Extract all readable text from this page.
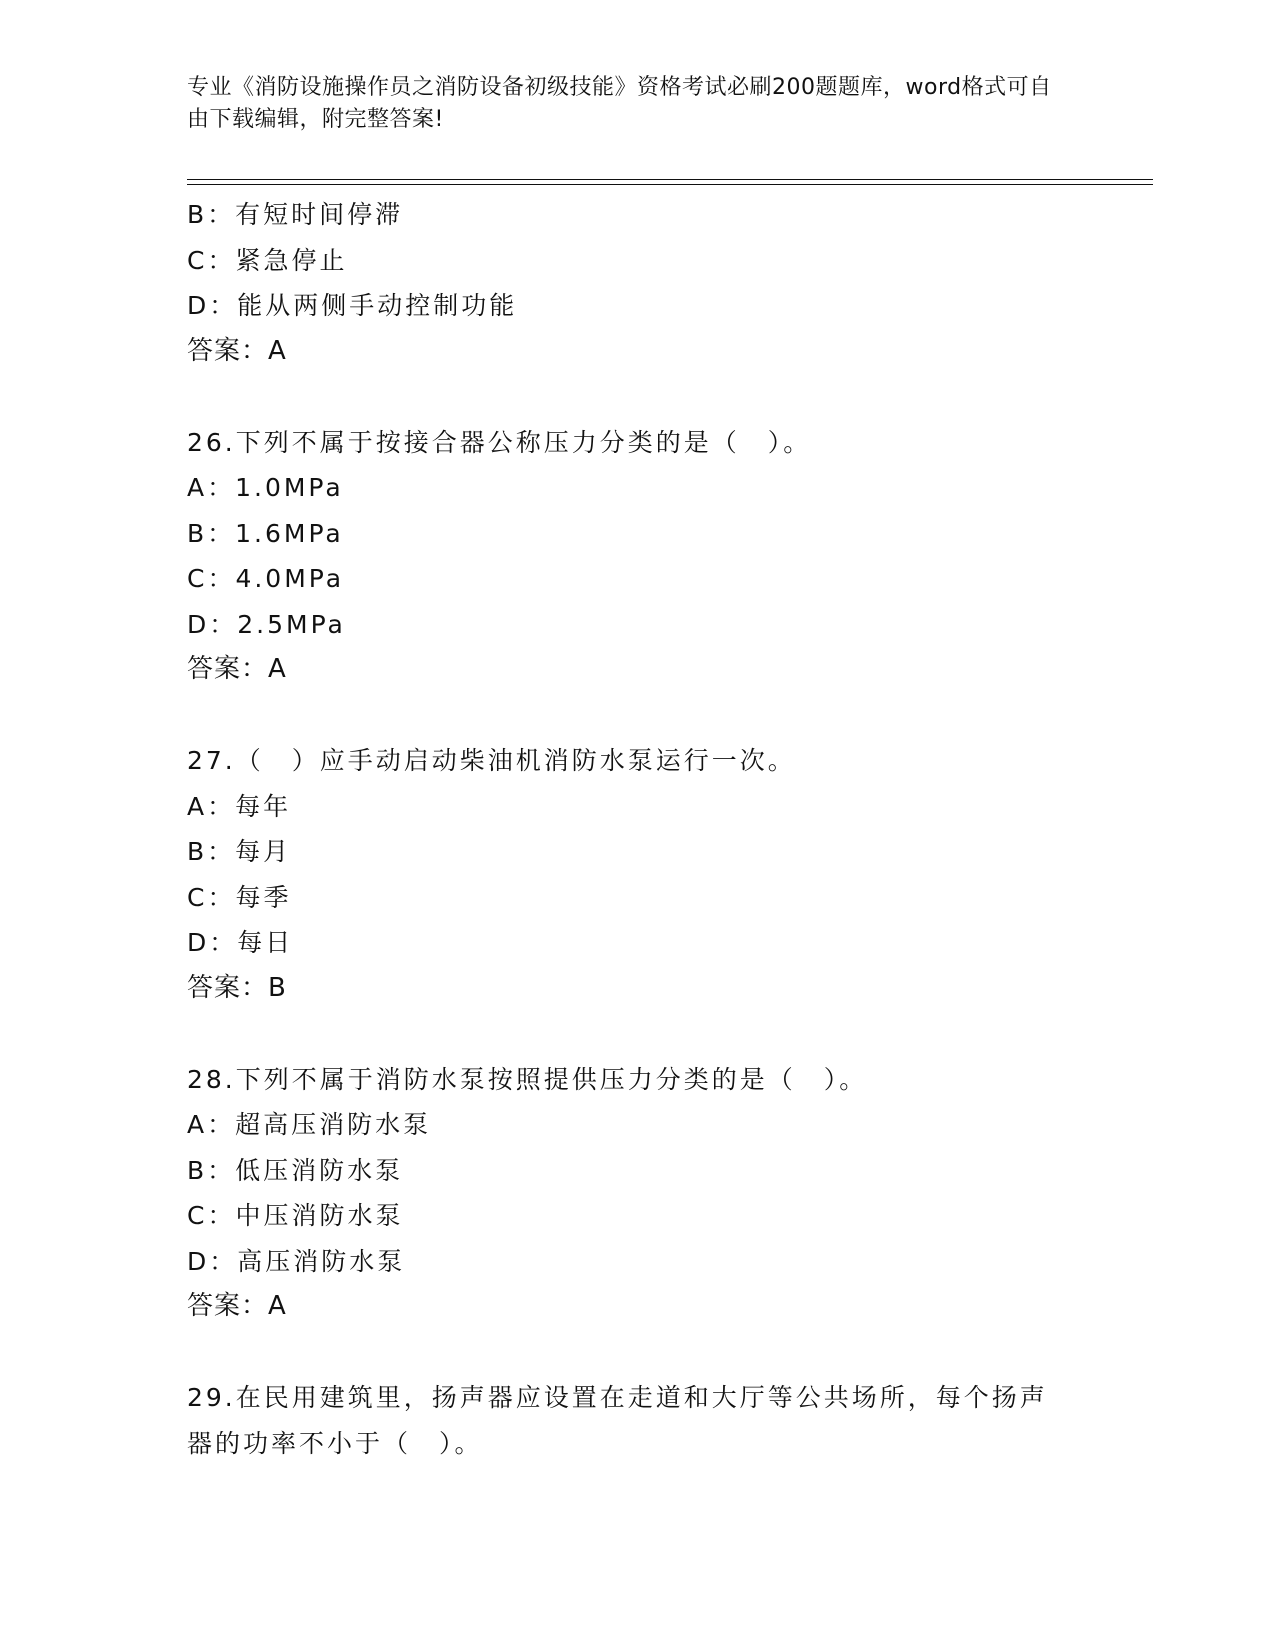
专业《消防设施操作员之消防设备初级技能》资格考试必刷200题题库，word格式可自由下载编辑，附完整答案!
B：有短时间停滞
C：紧急停止
D：能从两侧手动控制功能
答案：A
26.下列不属于按接合器公称压力分类的是（　）。
A：1.0MPa
B：1.6MPa
C：4.0MPa
D：2.5MPa
答案：A
27.（　）应手动启动柴油机消防水泵运行一次。
A：每年
B：每月
C：每季
D：每日
答案：B
28.下列不属于消防水泵按照提供压力分类的是（　）。
A：超高压消防水泵
B：低压消防水泵
C：中压消防水泵
D：高压消防水泵
答案：A
29.在民用建筑里，扬声器应设置在走道和大厅等公共场所，每个扬声器的功率不小于（　）。
